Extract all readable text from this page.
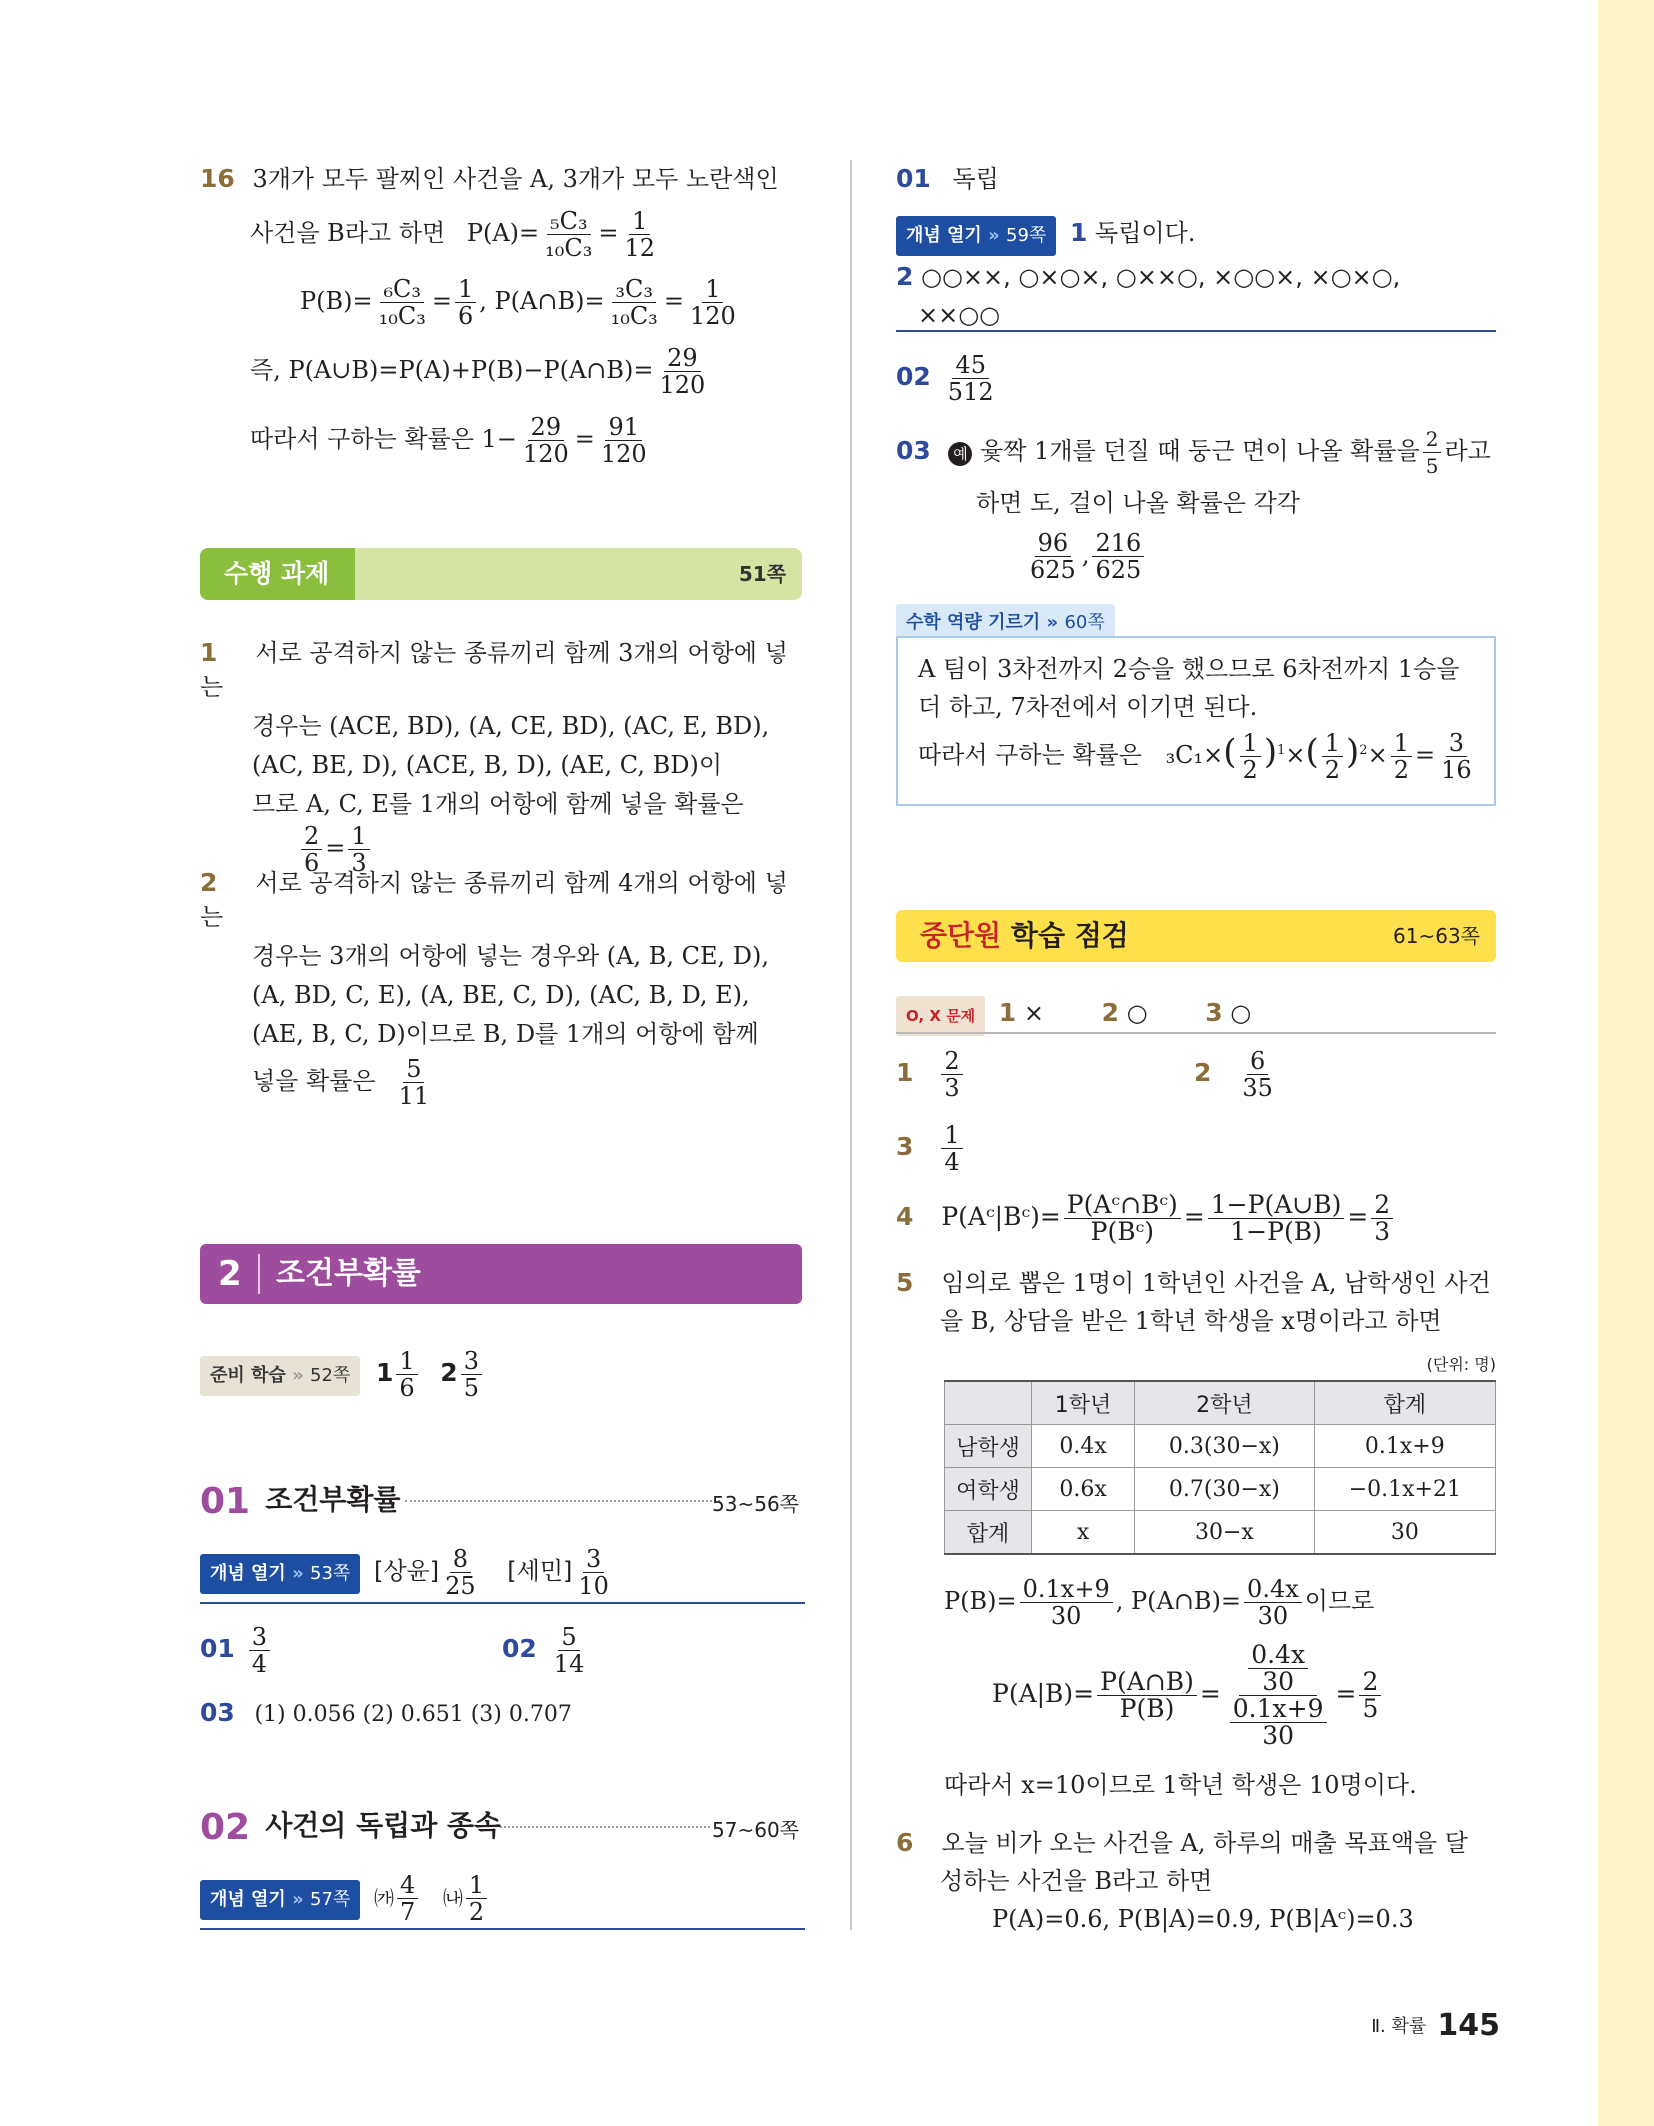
16 3개가 모두 팔찌인 사건을 A, 3개가 모두 노란색인
사건을 B라고 하면 $P(A)= \frac{\text{₅C₃}}{\text{₁₀C₃}} = \frac{1}{12}$
$P(B)= \frac{\text{₆C₃}}{\text{₁₀C₃}} = \frac{1}{6}$ , P(A∩B)= $\frac{\text{₃C₃}}{\text{₁₀C₃}} = \frac{1}{120}$
즉, P(A∪B)=P(A)+P(B)−P(A∩B)= $\frac{29}{120}$
따라서 구하는 확률은 $1- \frac{29}{120} = \frac{91}{120}$
수행 과제	51쪽
1 서로 공격하지 않는 종류끼리 함께 3개의 어항에 넣는
경우는 (ACE, BD), (A, CE, BD), (AC, E, BD),
(AC, BE, D), (ACE, B, D), (AE, C, BD)이
므로 A, C, E를 1개의 어항에 함께 넣을 확률은
$\frac{2}{6} = \frac{1}{3}$
2 서로 공격하지 않는 종류끼리 함께 4개의 어항에 넣는
경우는 3개의 어항에 넣는 경우와 (A, B, CE, D),
(A, BD, C, E), (A, BE, C, D), (AC, B, D, E),
(AE, B, C, D)이므로 B, D를 1개의 어항에 함께
넣을 확률은 $\frac{5}{11}$
2 조건부확률
준비 학습 » 52쪽 $1 \frac{1}{6} 2 \frac{3}{5}$
01 조건부확률	53~56쪽
개념 열기 » 53쪽 [상윤] $\frac{8}{25}$ [세민] $\frac{3}{10}$
$01 \frac{3}{4}$	$02 \frac{5}{14}$
03 (1) 0.056 (2) 0.651 (3) 0.707
02 사건의 독립과 종속	57~60쪽
개념 열기 » 57쪽 ㈎ $\frac{4}{7}$ ㈏ $\frac{1}{2}$
01 독립
개념 열기 » 59쪽 1 독립이다.
2 ○○××, ○×○×, ○××○, ×○○×, ×○×○,
××○○
$02 \frac{45}{512}$
03 예 윷짝 1개를 던질 때 둥근 면이 나올 확률을 $\frac{2}{5}$ 라고
하면 도, 걸이 나올 확률은 각각
$\frac{96}{625}$ , $\frac{216}{625}$
수학 역량 기르기 » 60쪽
A 팀이 3차전까지 2승을 했으므로 6차전까지 1승을
더 하고, 7차전에서 이기면 된다.
따라서 구하는 확률은 $_3C_1\times( \frac{1}{2} )^1\times( \frac{1}{2} )^2\times \frac{1}{2} = \frac{3}{16}$
중단원 학습 점검	61~63쪽
O, X 문제 1 × 2 ○ 3 ○
$1 \frac{2}{3}$	$2 \frac{6}{35}$
$3 \frac{1}{4}$
4 P(Aᶜ|Bᶜ)= $\frac{\text{P(Aᶜ∩Bᶜ)}}{\text{P(Bᶜ)}} = \frac{1-P(A\cup B)}{1-P(B)} = \frac{2}{3}$
5 임의로 뽑은 1명이 1학년인 사건을 A, 남학생인 사건
을 B, 상담을 받은 1학년 학생을 x명이라고 하면
(단위: 명)
	1학년	2학년	합계
남학생	0.4x	0.3(30−x)	0.1x+9
여학생	0.6x	0.7(30−x)	−0.1x+21
합계	x	30−x	30
$P(B)= \frac{0.1x+9}{30}$ , P(A∩B)= $\frac{0.4x}{30}$ 이므로
$P(A|B)= \frac{P(A\cap B)}{P(B)} = \frac{\frac{0.4x}{30}}{\frac{0.1x+9}{30}} = \frac{2}{5}$
따라서 x=10이므로 1학년 학생은 10명이다.
6 오늘 비가 오는 사건을 A, 하루의 매출 목표액을 달
성하는 사건을 B라고 하면
P(A)=0.6, P(B|A)=0.9, P(B|Aᶜ)=0.3
Ⅱ. 확률 145
